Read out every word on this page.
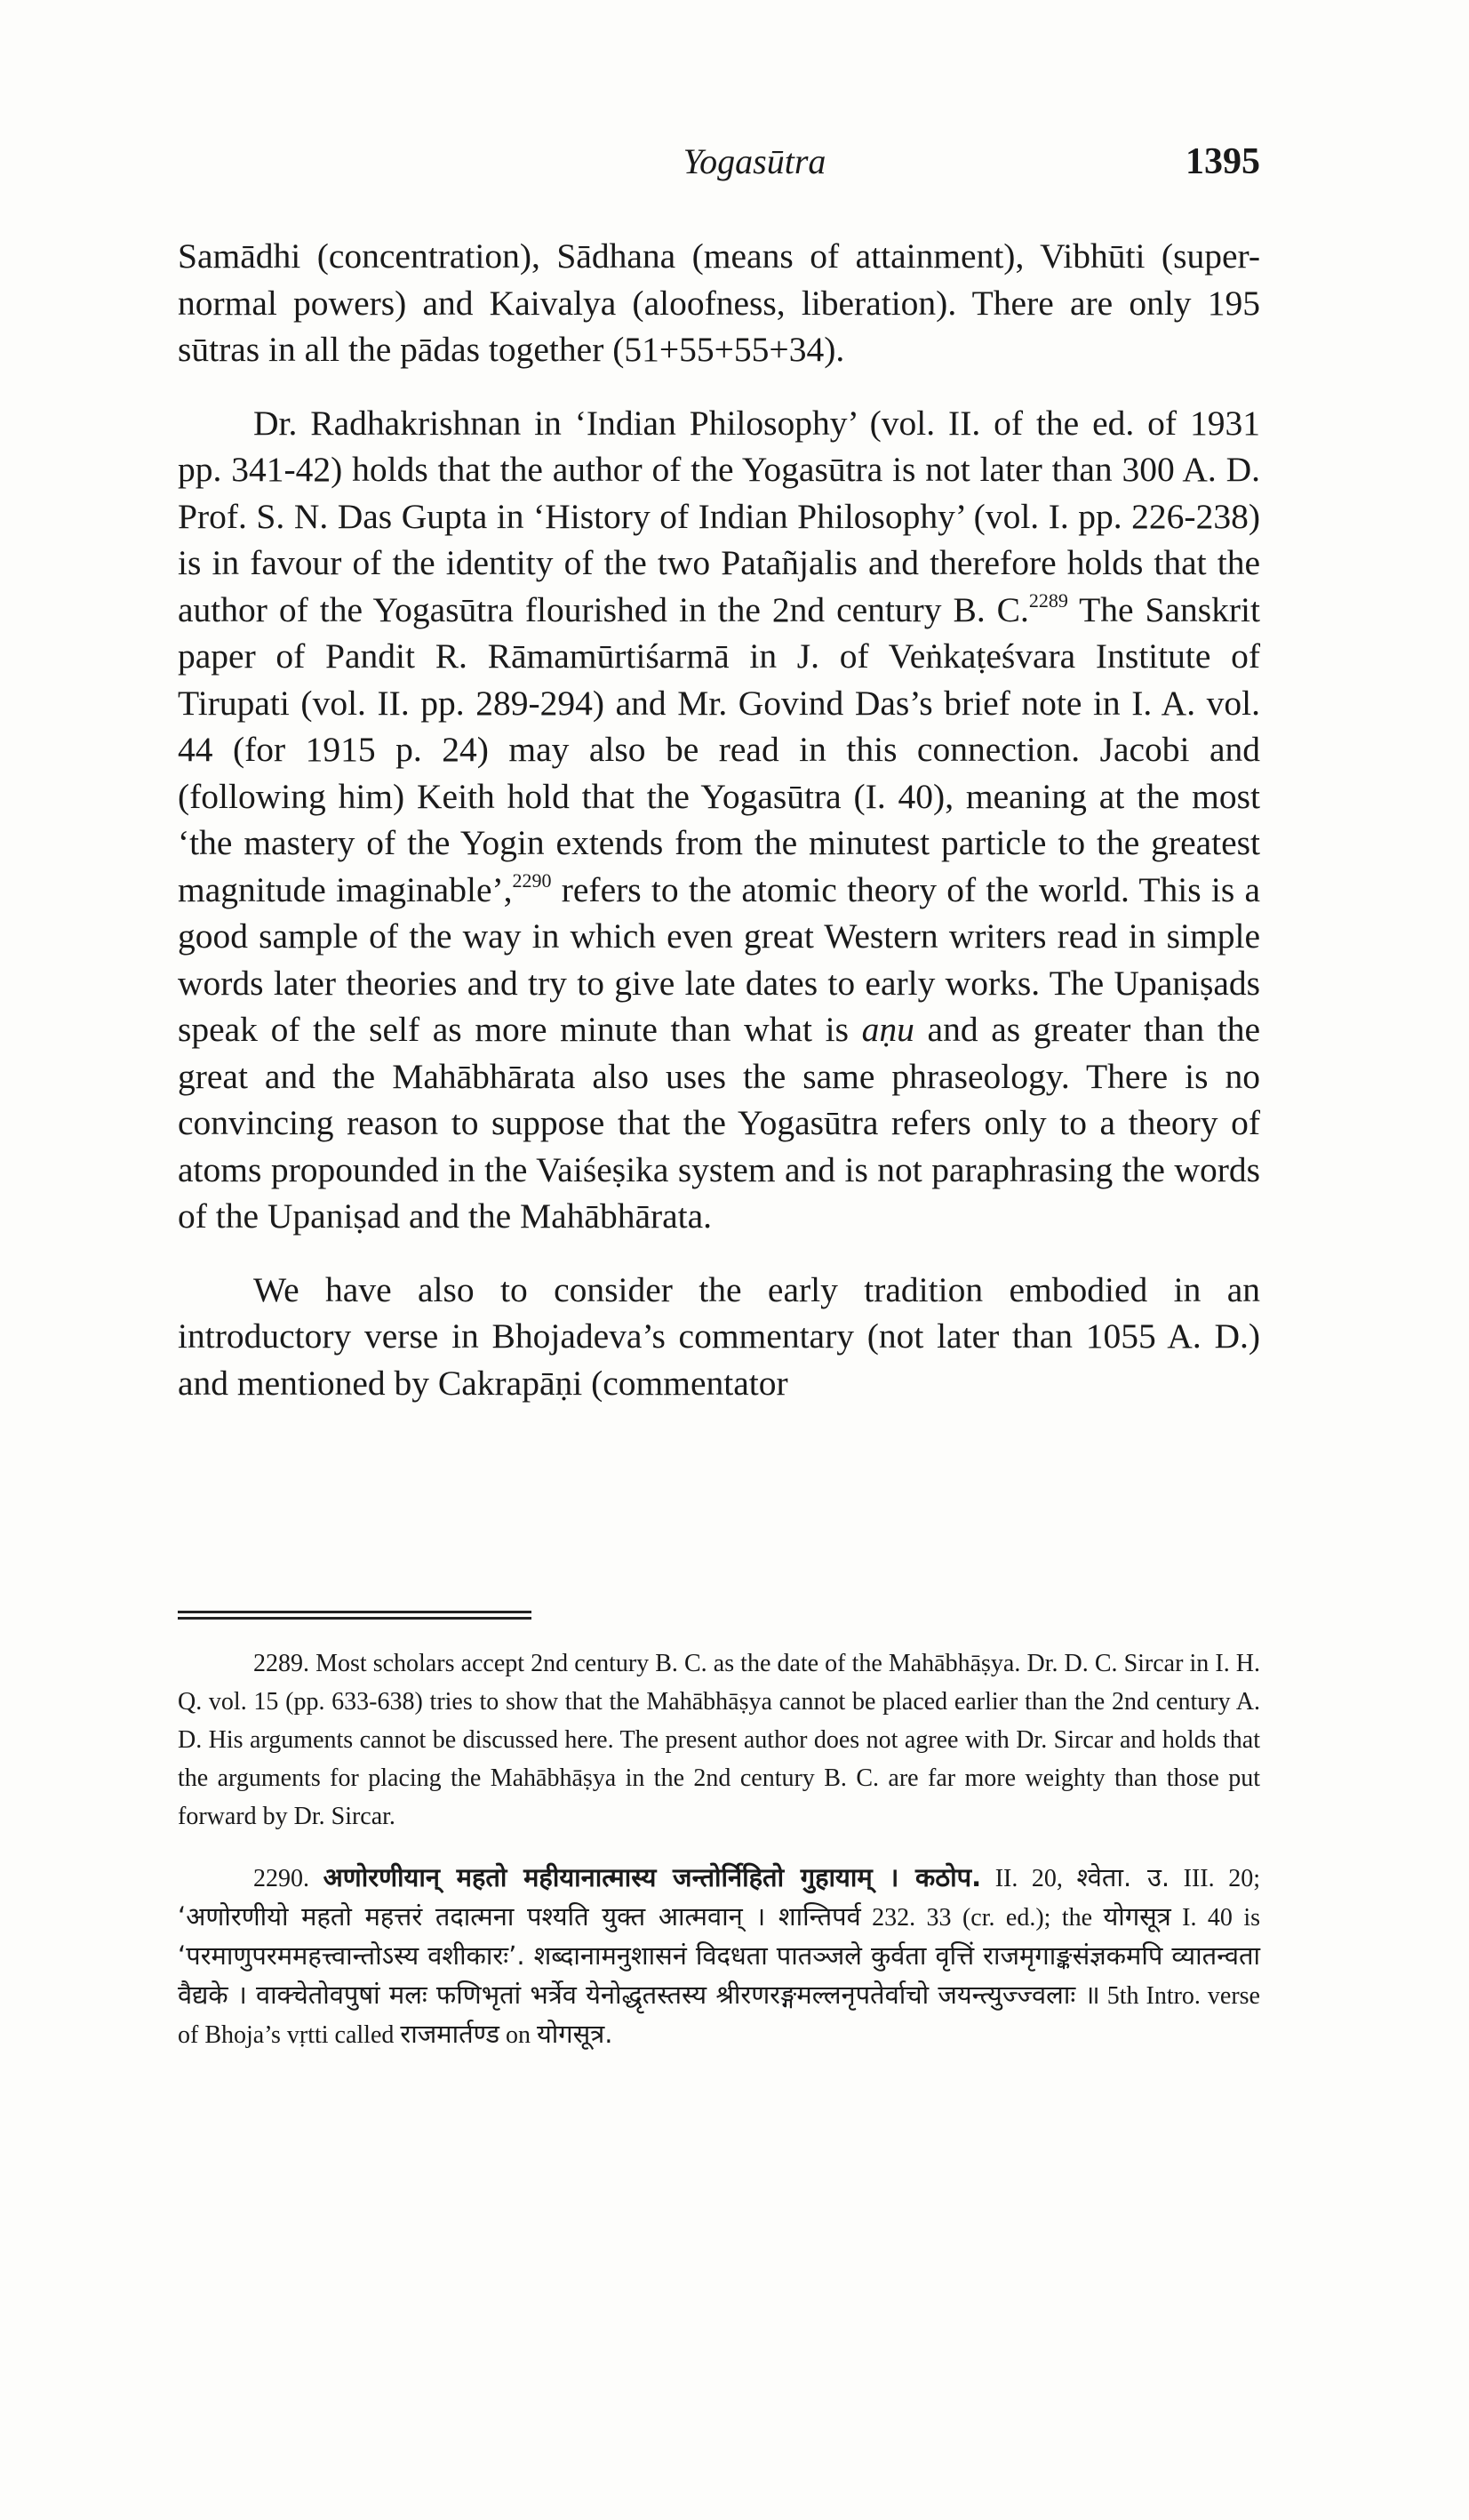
Yogasūtra	1395

Samādhi (concentration), Sādhana (means of attainment), Vibhūti (super-normal powers) and Kaivalya (aloofness, liberation). There are only 195 sūtras in all the pādas together (51+55+55+34).

Dr. Radhakrishnan in ‘Indian Philosophy’ (vol. II. of the ed. of 1931 pp. 341-42) holds that the author of the Yogasūtra is not later than 300 A. D. Prof. S. N. Das Gupta in ‘History of Indian Philosophy’ (vol. I. pp. 226-238) is in favour of the identity of the two Patañjalis and therefore holds that the author of the Yogasūtra flourished in the 2nd century B. C.$^{2289}$ The Sanskrit paper of Pandit R. Rāmamūrtiśarmā in J. of Veṅkaṭeśvara Institute of Tirupati (vol. II. pp. 289-294) and Mr. Govind Das’s brief note in I. A. vol. 44 (for 1915 p. 24) may also be read in this connection. Jacobi and (following him) Keith hold that the Yogasūtra (I. 40), meaning at the most ‘the mastery of the Yogin extends from the minutest particle to the greatest magnitude imaginable’,$^{2290}$ refers to the atomic theory of the world. This is a good sample of the way in which even great Western writers read in simple words later theories and try to give late dates to early works. The Upaniṣads speak of the self as more minute than what is aṇu and as greater than the great and the Mahābhārata also uses the same phraseology. There is no convincing reason to suppose that the Yogasūtra refers only to a theory of atoms propounded in the Vaiśeṣika system and is not paraphrasing the words of the Upaniṣad and the Mahābhārata.

We have also to consider the early tradition embodied in an introductory verse in Bhojadeva’s commentary (not later than 1055 A. D.) and mentioned by Cakrapāṇi (commentator

2289. Most scholars accept 2nd century B. C. as the date of the Mahābhāṣya. Dr. D. C. Sircar in I. H. Q. vol. 15 (pp. 633-638) tries to show that the Mahābhāṣya cannot be placed earlier than the 2nd century A. D. His arguments cannot be discussed here. The present author does not agree with Dr. Sircar and holds that the arguments for placing the Mahābhāṣya in the 2nd century B. C. are far more weighty than those put forward by Dr. Sircar.

2290. अणोरणीयान् महतो महीयानात्मास्य जन्तोर्निहितो गुहायाम् । कठोप. II. 20, श्वेता. उ. III. 20; ‘अणोरणीयो महतो महत्तरं तदात्मना पश्यति युक्त आत्मवान् । शान्तिपर्व 232. 33 (cr. ed.); the योगसूत्र I. 40 is ‘परमाणुपरममहत्त्वान्तोऽस्य वशीकारः’. शब्दानामनुशासनं विदधता पातञ्जले कुर्वता वृत्तिं राजमृगाङ्कसंज्ञकमपि व्यातन्वता वैद्यके । वाक्चेतोवपुषां मलः फणिभृतां भर्त्रेव येनोद्धृतस्तस्य श्रीरणरङ्गमल्लनृपतेर्वाचो जयन्त्युज्ज्वलाः ॥ 5th Intro. verse of Bhoja’s vṛtti called राजमार्तण्ड on योगसूत्र.
